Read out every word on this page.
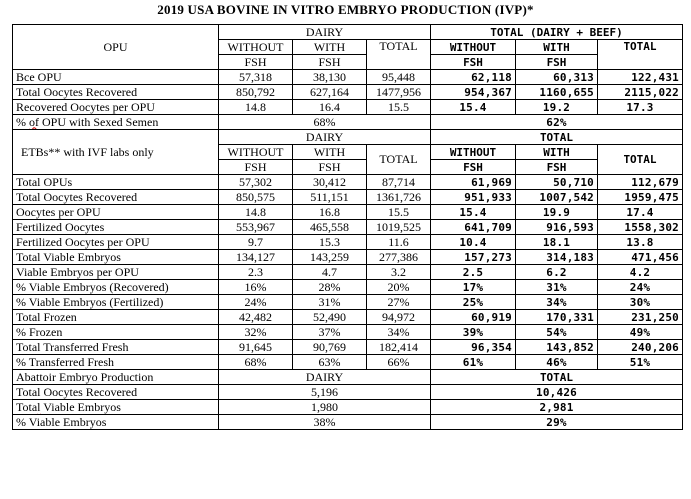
2019 USA BOVINE IN VITRO EMBRYO PRODUCTION (IVP)*
OPU	DAIRY			TOTAL (DAIRY + BEEF)		
	WITHOUT	WITH	TOTAL	WITHOUT	WITH	TOTAL
	FSH	FSH		FSH	FSH	
Bce OPU	57,318	38,130	95,448	62,118	60,313	122,431
Total Oocytes Recovered	850,792	627,164	1477,956	954,367	1160,655	2115,022
Recovered Oocytes per OPU	14.8	16.4	15.5	15.4	19.2	17.3
% of OPU with Sexed Semen	68%			62%		
ETBs** with IVF labs only	DAIRY			TOTAL		
	WITHOUT	WITH	TOTAL	WITHOUT	WITH	TOTAL
	FSH	FSH		FSH	FSH	
Total OPUs	57,302	30,412	87,714	61,969	50,710	112,679
Total Oocytes Recovered	850,575	511,151	1361,726	951,933	1007,542	1959,475
Oocytes per OPU	14.8	16.8	15.5	15.4	19.9	17.4
Fertilized Oocytes	553,967	465,558	1019,525	641,709	916,593	1558,302
Fertilized Oocytes per OPU	9.7	15.3	11.6	10.4	18.1	13.8
Total Viable Embryos	134,127	143,259	277,386	157,273	314,183	471,456
Viable Embryos per OPU	2.3	4.7	3.2	2.5	6.2	4.2
% Viable Embryos (Recovered)	16%	28%	20%	17%	31%	24%
% Viable Embryos (Fertilized)	24%	31%	27%	25%	34%	30%
Total Frozen	42,482	52,490	94,972	60,919	170,331	231,250
% Frozen	32%	37%	34%	39%	54%	49%
Total Transferred Fresh	91,645	90,769	182,414	96,354	143,852	240,206
% Transferred Fresh	68%	63%	66%	61%	46%	51%
Abattoir Embryo Production	DAIRY			TOTAL		
Total Oocytes Recovered	5,196			10,426		
Total Viable Embryos	1,980			2,981		
% Viable Embryos	38%			29%		
